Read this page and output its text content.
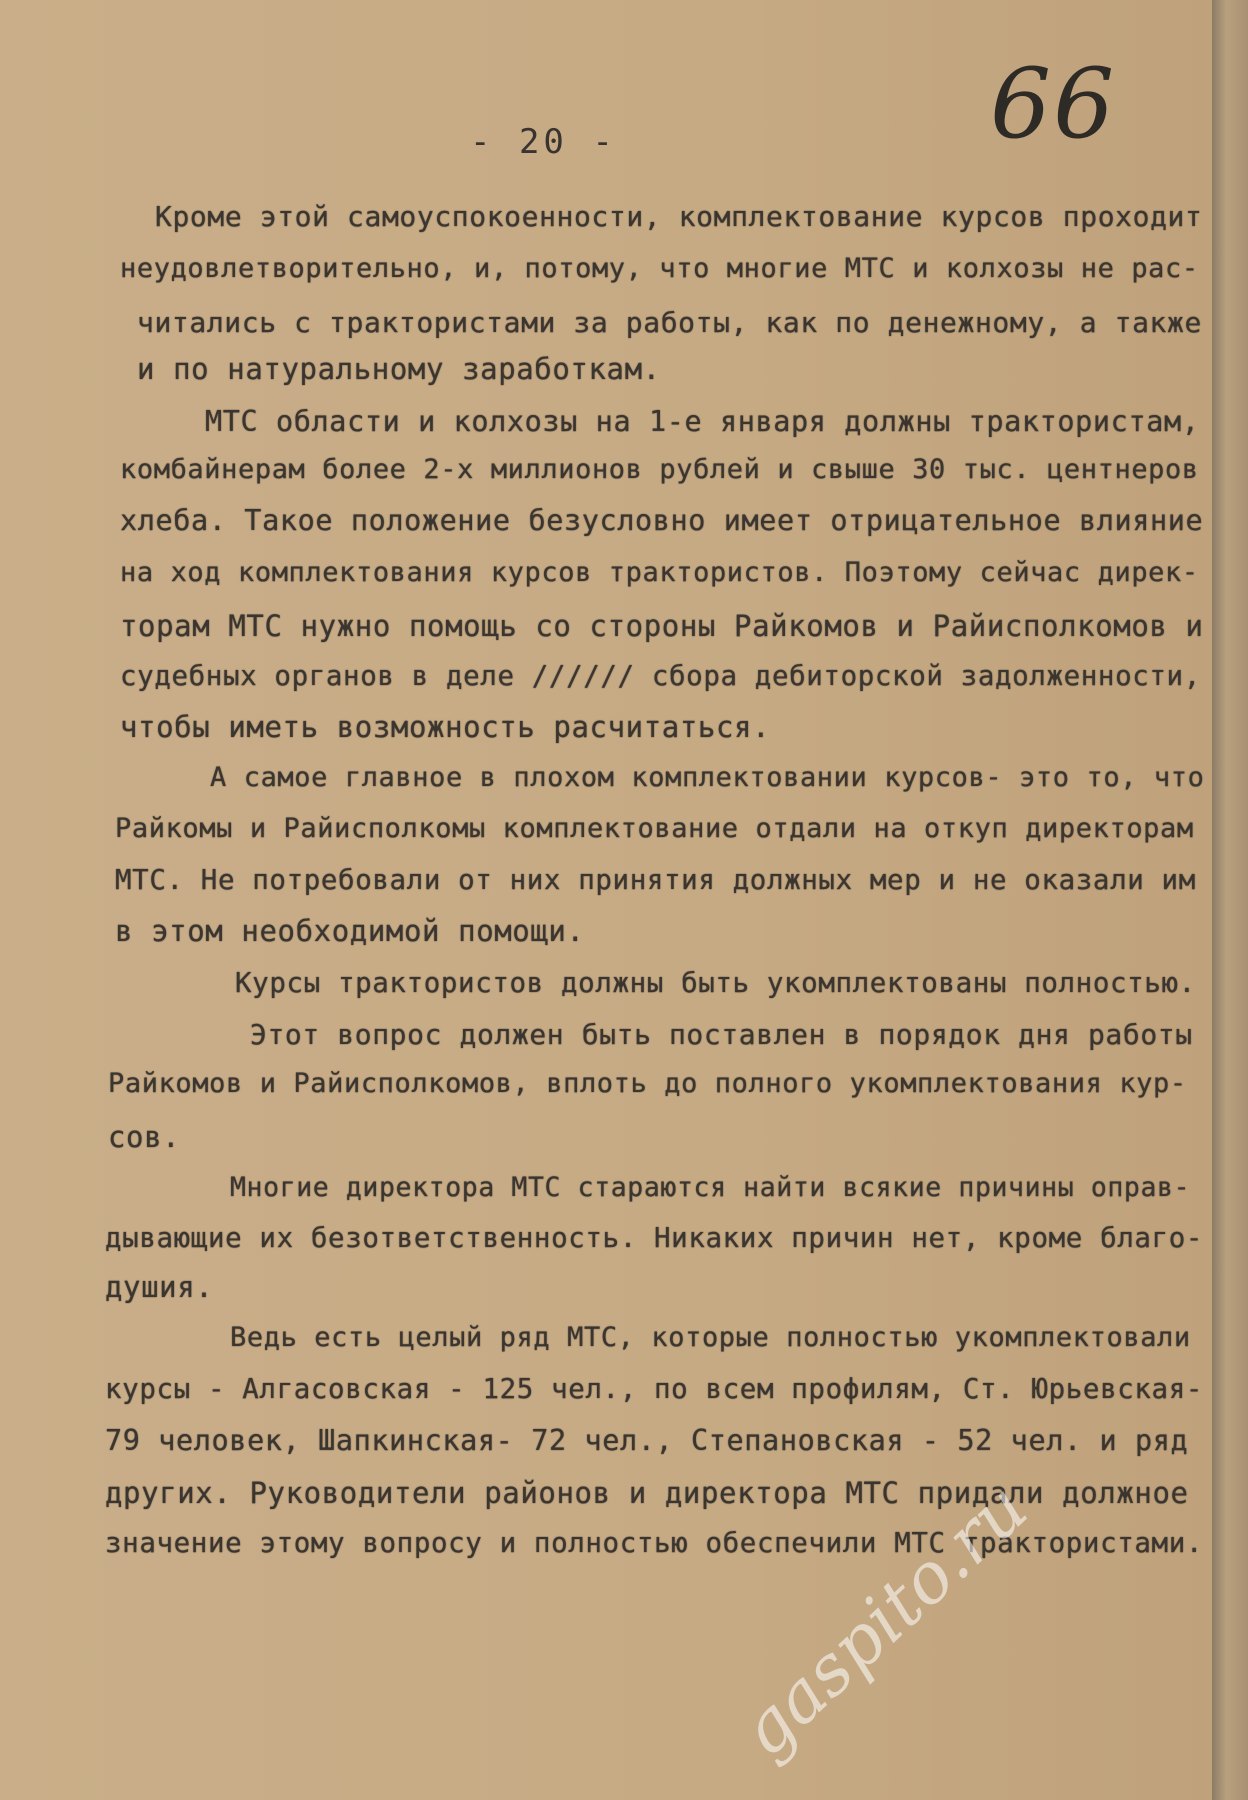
66
- 20 -
Кроме этой самоуспокоенности, комплектование курсов проходит
неудовлетворительно, и, потому, что многие МТС и колхозы не рас-
читались с трактористами за работы, как по денежному, а также
и по натуральному заработкам.
МТС области и колхозы на 1-е января должны трактористам,
комбайнерам более 2-х миллионов рублей и свыше 30 тыс. центнеров
хлеба. Такое положение безусловно имеет отрицательное влияние
на ход комплектования курсов трактористов. Поэтому сейчас дирек-
торам МТС нужно помощь со стороны Райкомов и Райисполкомов и
судебных органов в деле ////// сбора дебиторской задолженности,
чтобы иметь возможность расчитаться.
А самое главное в плохом комплектовании курсов- это то, что
Райкомы и Райисполкомы комплектование отдали на откуп директорам
МТС. Не потребовали от них принятия должных мер и не оказали им
в этом необходимой помощи.
Курсы трактористов должны быть укомплектованы полностью.
Этот вопрос должен быть поставлен в порядок дня работы
Райкомов и Райисполкомов, вплоть до полного укомплектования кур-
сов.
Многие директора МТС стараются найти всякие причины оправ-
дывающие их безответственность. Никаких причин нет, кроме благо-
душия.
Ведь есть целый ряд МТС, которые полностью укомплектовали
курсы - Алгасовская - 125 чел., по всем профилям, Ст. Юрьевская-
79 человек, Шапкинская- 72 чел., Степановская - 52 чел. и ряд
других. Руководители районов и директора МТС придали должное
значение этому вопросу и полностью обеспечили МТС трактористами.
gaspito.ru
